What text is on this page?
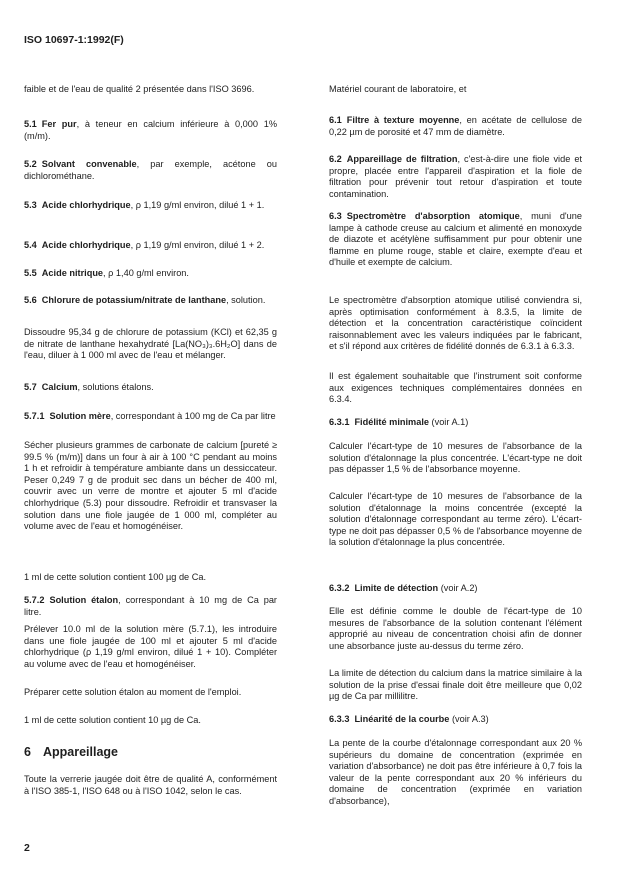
ISO 10697-1:1992(F)
faible et de l'eau de qualité 2 présentée dans l'ISO 3696.
5.1 Fer pur, à teneur en calcium inférieure à 0,000 1% (m/m).
5.2 Solvant convenable, par exemple, acétone ou dichlorométhane.
5.3 Acide chlorhydrique, ρ 1,19 g/ml environ, dilué 1 + 1.
5.4 Acide chlorhydrique, ρ 1,19 g/ml environ, dilué 1 + 2.
5.5 Acide nitrique, ρ 1,40 g/ml environ.
5.6 Chlorure de potassium/nitrate de lanthane, solution.
Dissoudre 95,34 g de chlorure de potassium (KCl) et 62,35 g de nitrate de lanthane hexahydraté [La(NO₃)₃.6H₂O] dans de l'eau, diluer à 1 000 ml avec de l'eau et mélanger.
5.7 Calcium, solutions étalons.
5.7.1 Solution mère, correspondant à 100 mg de Ca par litre
Sécher plusieurs grammes de carbonate de calcium [pureté ≥ 99.5 % (m/m)] dans un four à air à 100 °C pendant au moins 1 h et refroidir à température ambiante dans un dessiccateur. Peser 0,249 7 g de produit sec dans un bécher de 400 ml, couvrir avec un verre de montre et ajouter 5 ml d'acide chlorhydrique (5.3) pour dissoudre. Refroidir et transvaser la solution dans une fiole jaugée de 1 000 ml, compléter au volume avec de l'eau et homogénéiser.
1 ml de cette solution contient 100 µg de Ca.
5.7.2 Solution étalon, correspondant à 10 mg de Ca par litre.
Prélever 10.0 ml de la solution mère (5.7.1), les introduire dans une fiole jaugée de 100 ml et ajouter 5 ml d'acide chlorhydrique (ρ 1,19 g/ml environ, dilué 1 + 10). Compléter au volume avec de l'eau et homogénéiser.
Préparer cette solution étalon au moment de l'emploi.
1 ml de cette solution contient 10 µg de Ca.
6 Appareillage
Toute la verrerie jaugée doit être de qualité A, conformément à l'ISO 385-1, l'ISO 648 ou à l'ISO 1042, selon le cas.
2
Matériel courant de laboratoire, et
6.1 Filtre à texture moyenne, en acétate de cellulose de 0,22 µm de porosité et 47 mm de diamètre.
6.2 Appareillage de filtration, c'est-à-dire une fiole vide et propre, placée entre l'appareil d'aspiration et la fiole de filtration pour prévenir tout retour d'aspiration et toute contamination.
6.3 Spectromètre d'absorption atomique, muni d'une lampe à cathode creuse au calcium et alimenté en monoxyde de diazote et acétylène suffisamment pur pour obtenir une flamme en plume rouge, stable et claire, exempte d'eau et d'huile et exempte de calcium.
Le spectromètre d'absorption atomique utilisé conviendra si, après optimisation conformément à 8.3.5, la limite de détection et la concentration caractéristique coïncident raisonnablement avec les valeurs indiquées par le fabricant, et s'il répond aux critères de fidélité donnés de 6.3.1 à 6.3.3.
Il est également souhaitable que l'instrument soit conforme aux exigences techniques complémentaires données en 6.3.4.
6.3.1 Fidélité minimale (voir A.1)
Calculer l'écart-type de 10 mesures de l'absorbance de la solution d'étalonnage la plus concentrée. L'écart-type ne doit pas dépasser 1,5 % de l'absorbance moyenne.
Calculer l'écart-type de 10 mesures de l'absorbance de la solution d'étalonnage la moins concentrée (excepté la solution d'étalonnage correspondant au terme zéro). L'écart-type ne doit pas dépasser 0,5 % de l'absorbance moyenne de la solution d'étalonnage la plus concentrée.
6.3.2 Limite de détection (voir A.2)
Elle est définie comme le double de l'écart-type de 10 mesures de l'absorbance de la solution contenant l'élément approprié au niveau de concentration choisi afin de donner une absorbance juste au-dessus du terme zéro.
La limite de détection du calcium dans la matrice similaire à la solution de la prise d'essai finale doit être meilleure que 0,02 µg de Ca par millilitre.
6.3.3 Linéarité de la courbe (voir A.3)
La pente de la courbe d'étalonnage correspondant aux 20 % supérieurs du domaine de concentration (exprimée en variation d'absorbance) ne doit pas être inférieure à 0,7 fois la valeur de la pente correspondant aux 20 % inférieurs du domaine de concentration (exprimée en variation d'absorbance),
